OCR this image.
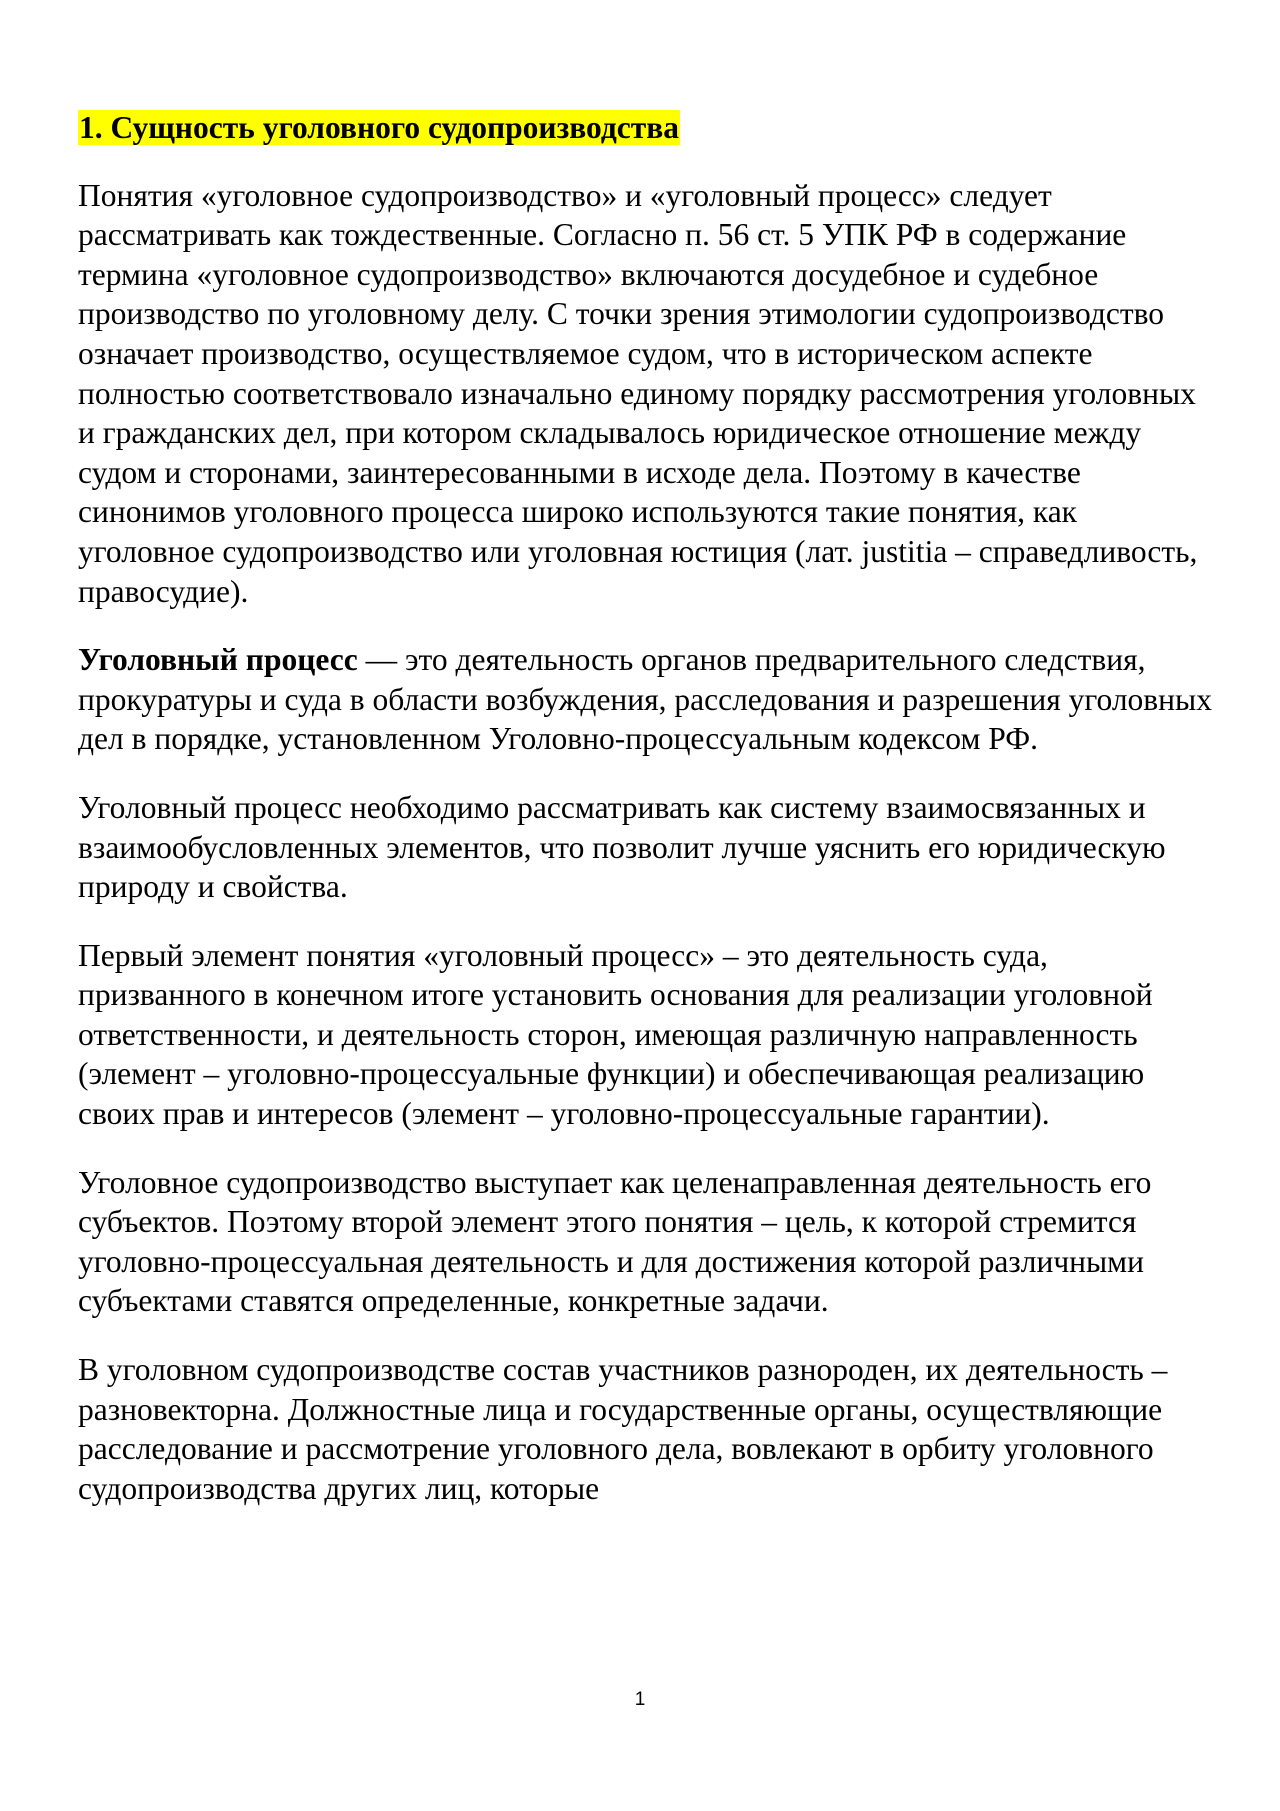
1. Сущность уголовного судопроизводства

Понятия «уголовное судопроизводство» и «уголовный процесс» следует рассматривать как тождественные. Согласно п. 56 ст. 5 УПК РФ в содержание термина «уголовное судопроизводство» включаются досудебное и судебное производство по уголовному делу. С точки зрения этимологии судопроизводство означает производство, осуществляемое судом, что в историческом аспекте полностью соответствовало изначально единому порядку рассмотрения уголовных и гражданских дел, при котором складывалось юридическое отношение между судом и сторонами, заинтересованными в исходе дела. Поэтому в качестве синонимов уголовного процесса широко используются такие понятия, как уголовное судопроизводство или уголовная юстиция (лат. justitia – справедливость, правосудие).

Уголовный процесс — это деятельность органов предварительного следствия, прокуратуры и суда в области возбуждения, расследования и разрешения уголовных дел в порядке, установленном Уголовно-процессуальным кодексом РФ.

Уголовный процесс необходимо рассматривать как систему взаимосвязанных и взаимообусловленных элементов, что позволит лучше уяснить его юридическую природу и свойства.

Первый элемент понятия «уголовный процесс» – это деятельность суда, призванного в конечном итоге установить основания для реализации уголовной ответственности, и деятельность сторон, имеющая различную направленность (элемент – уголовно-процессуальные функции) и обеспечивающая реализацию своих прав и интересов (элемент – уголовно-процессуальные гарантии).

Уголовное судопроизводство выступает как целенаправленная деятельность его субъектов. Поэтому второй элемент этого понятия – цель, к которой стремится уголовно-процессуальная деятельность и для достижения которой различными субъектами ставятся определенные, конкретные задачи.

В уголовном судопроизводстве состав участников разнороден, их деятельность – разновекторна. Должностные лица и государственные органы, осуществляющие расследование и рассмотрение уголовного дела, вовлекают в орбиту уголовного судопроизводства других лиц, которые

1
